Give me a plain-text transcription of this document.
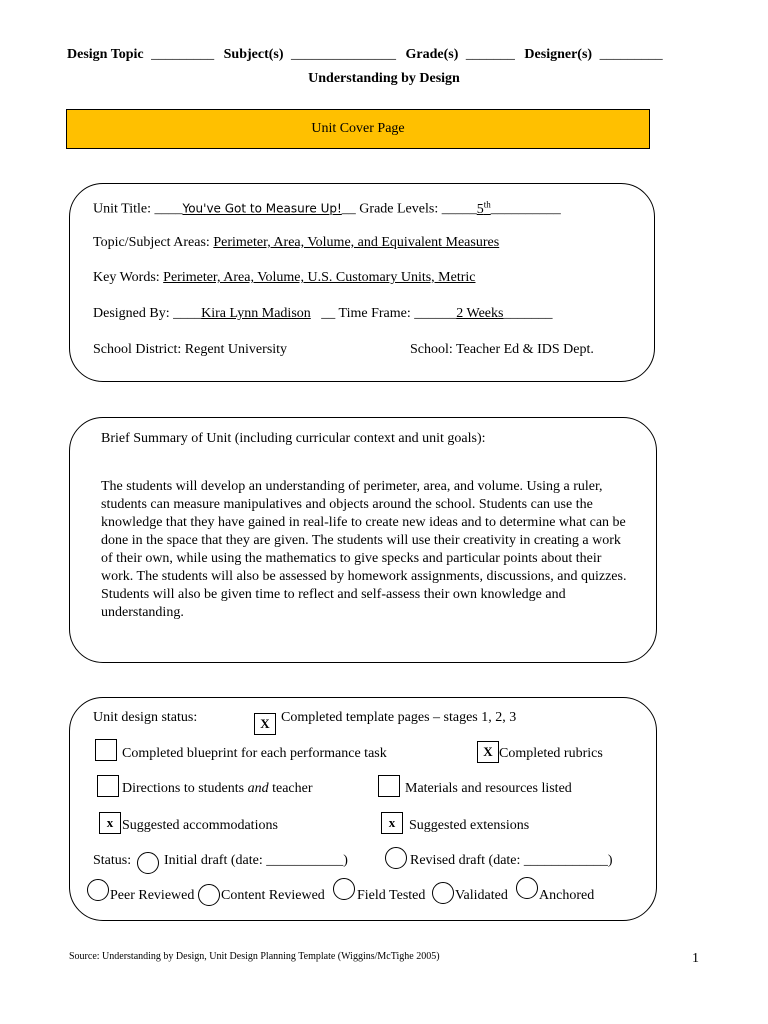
Design Topic _________ Subject(s) _______________ Grade(s) _______ Designer(s) _________
Understanding by Design
Unit Cover Page
Unit Title: ____You've Got to Measure Up!__ Grade Levels: _____5th__________
Topic/Subject Areas: Perimeter, Area, Volume, and Equivalent Measures
Key Words: Perimeter, Area, Volume, U.S. Customary Units, Metric
Designed By: ____Kira Lynn Madison __ Time Frame: ______2 Weeks_______
School District: Regent University	School: Teacher Ed & IDS Dept.
Brief Summary of Unit (including curricular context and unit goals):
The students will develop an understanding of perimeter, area, and volume. Using a ruler, students can measure manipulatives and objects around the school. Students can use the knowledge that they have gained in real-life to create new ideas and to determine what can be done in the space that they are given. The students will use their creativity in creating a work of their own, while using the mathematics to give specks and particular points about their work. The students will also be assessed by homework assignments, discussions, and quizzes. Students will also be given time to reflect and self-assess their own knowledge and understanding.
Unit design status:	X Completed template pages – stages 1, 2, 3
Completed blueprint for each performance task	X Completed rubrics
Directions to students and teacher	Materials and resources listed
x Suggested accommodations	x Suggested extensions
Status: Initial draft (date: ___________)	Revised draft (date: ____________)
Peer Reviewed Content Reviewed Field Tested Validated Anchored
Source: Understanding by Design, Unit Design Planning Template (Wiggins/McTighe 2005)	1
